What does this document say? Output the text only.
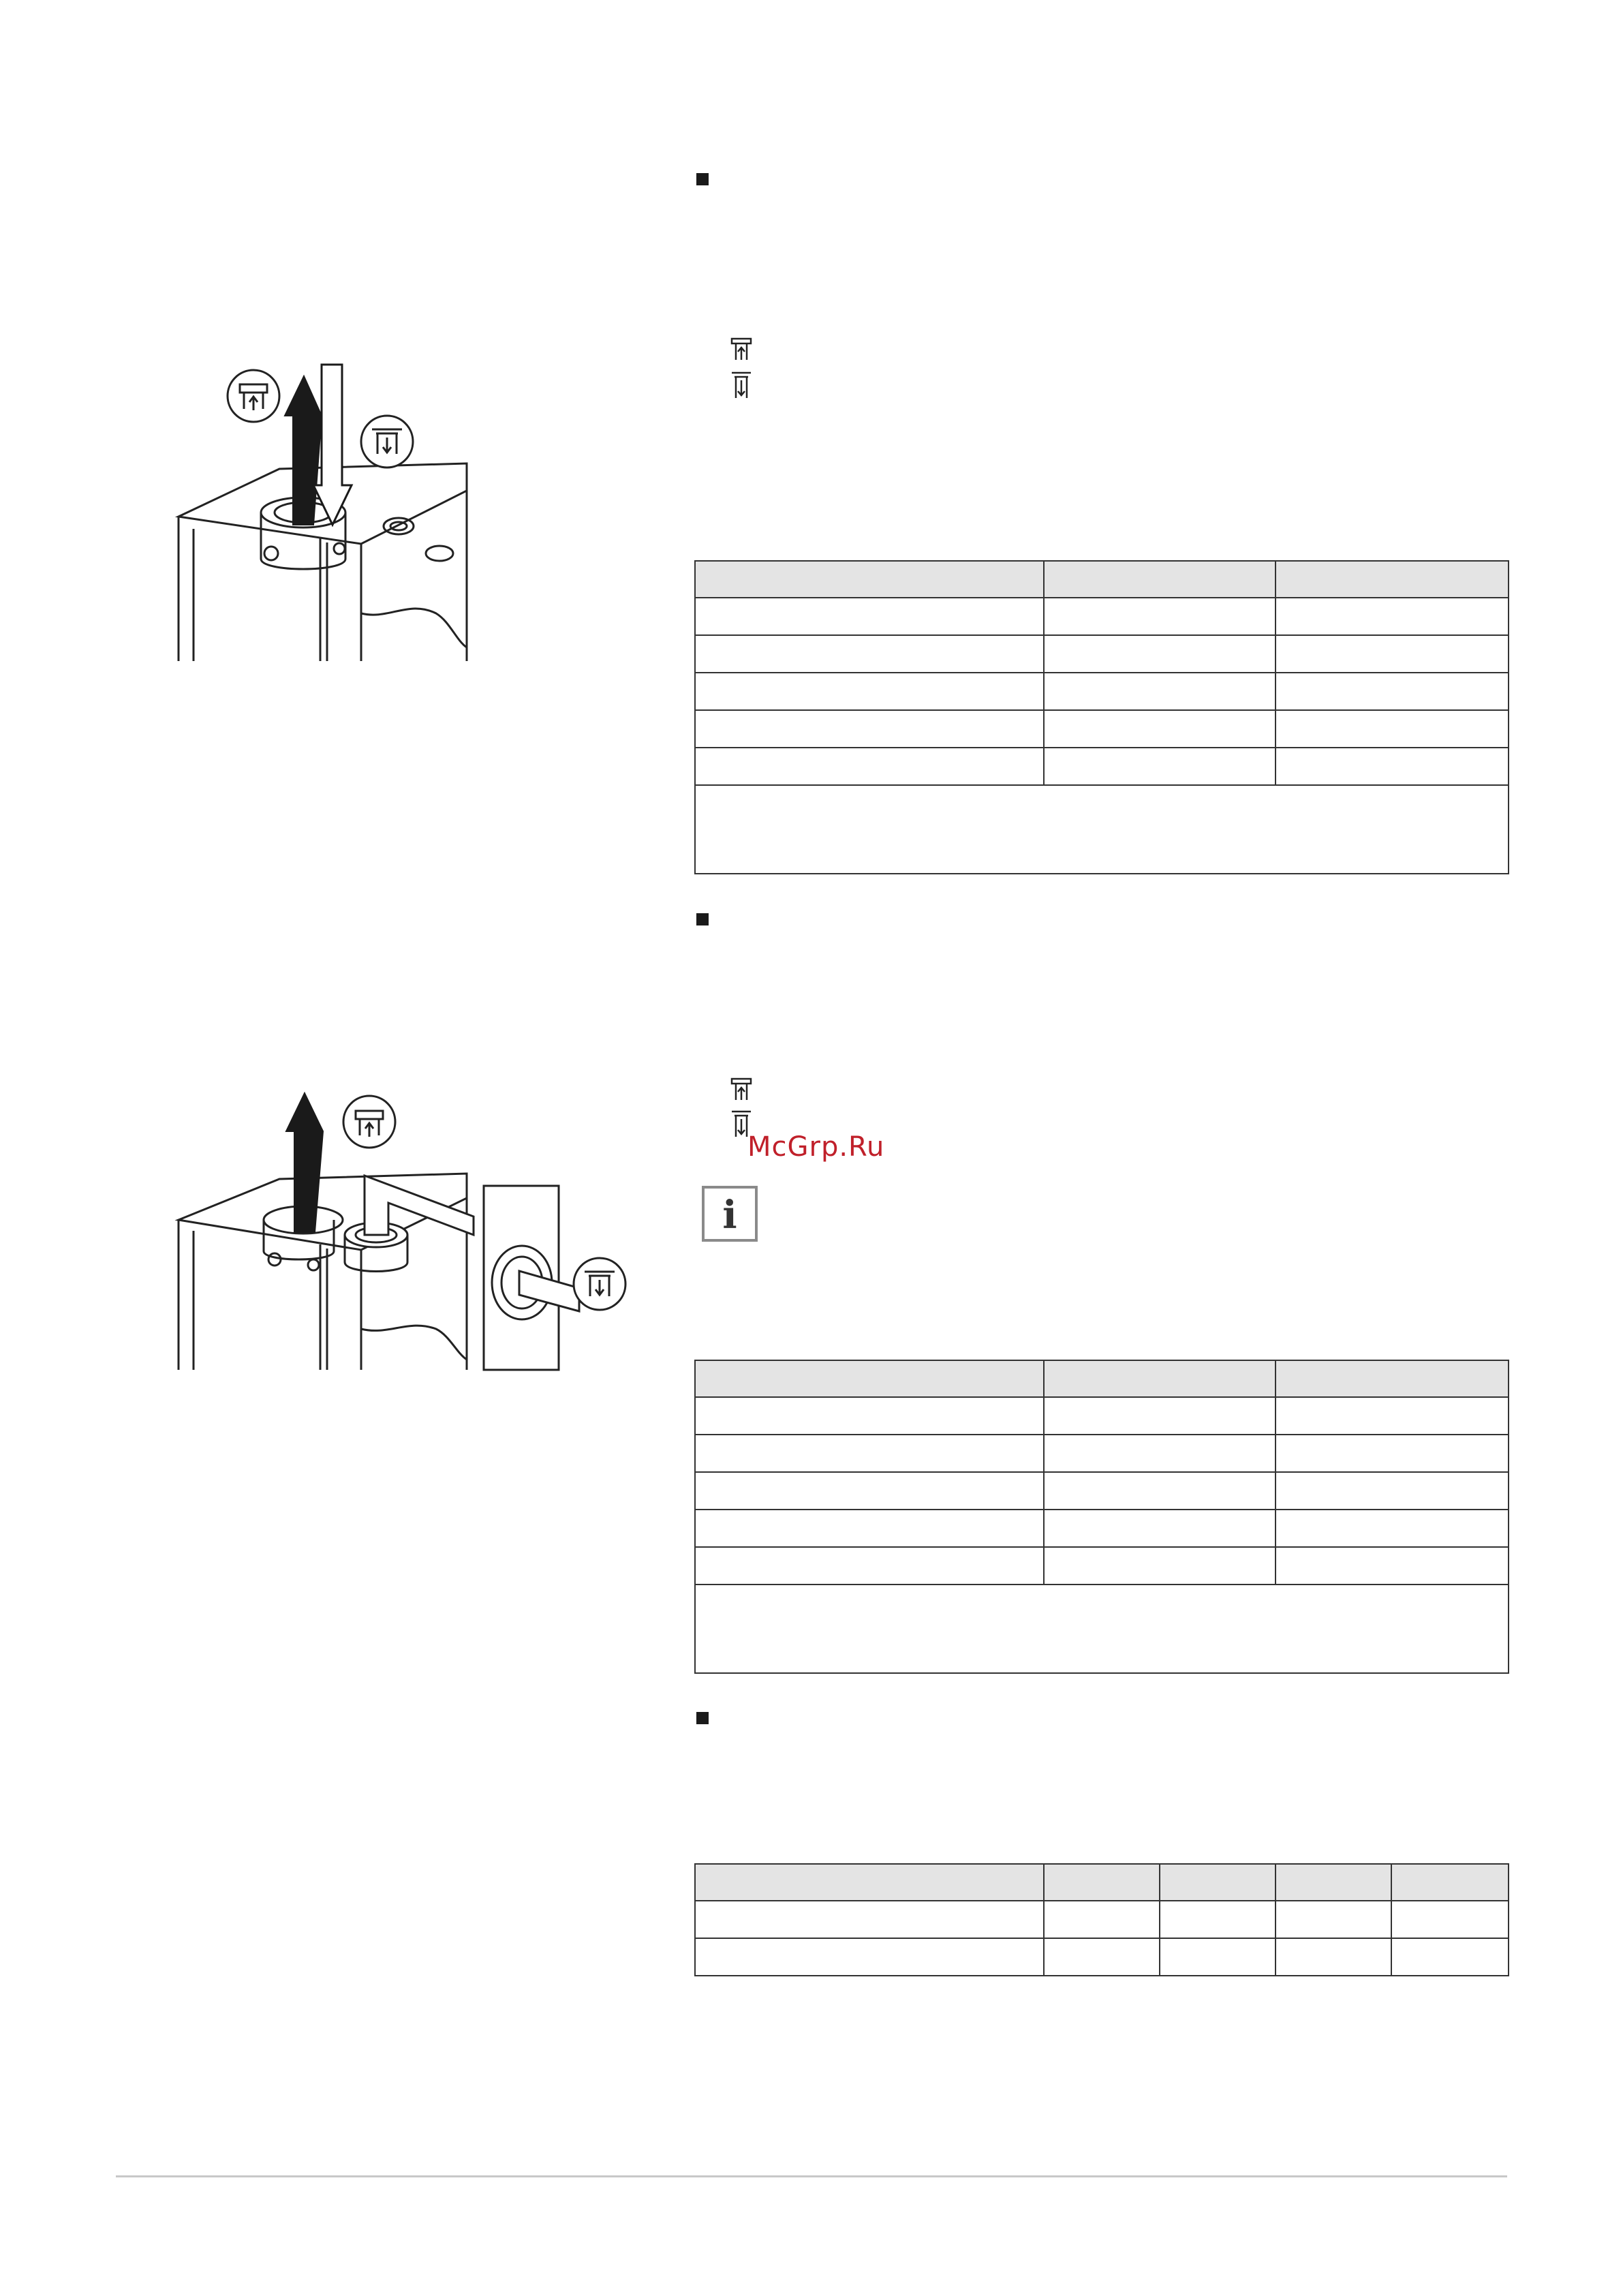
McGrp.Ru
i
